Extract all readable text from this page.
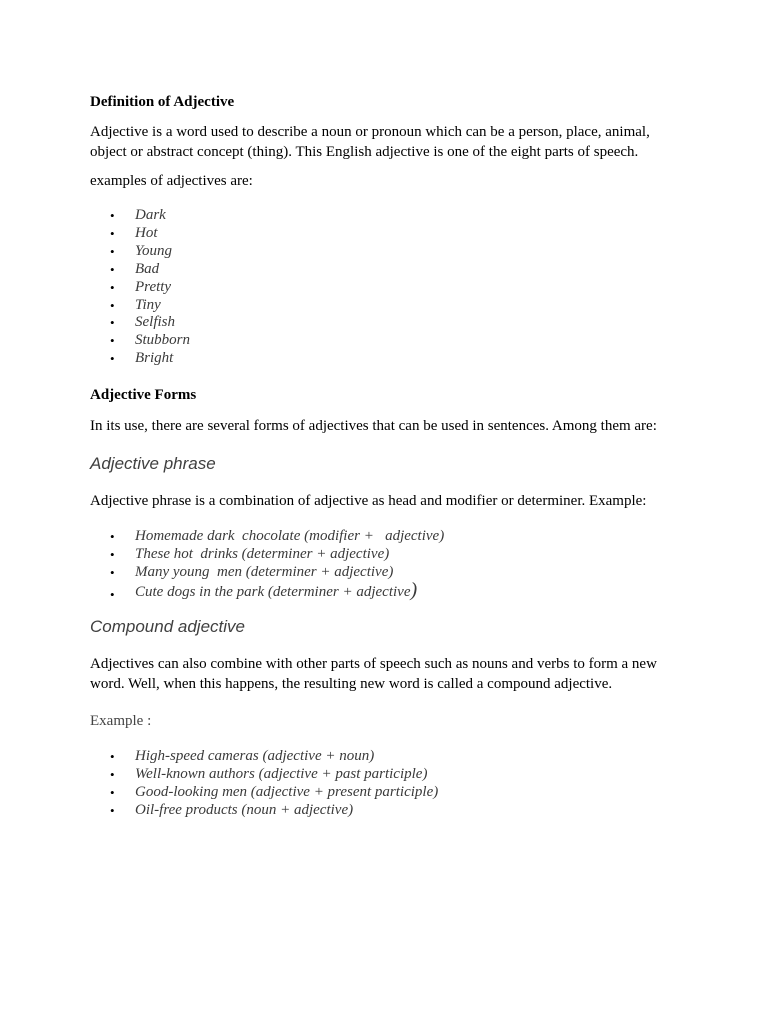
Definition of Adjective

Adjective is a word used to describe a noun or pronoun which can be a person, place, animal, object or abstract concept (thing). This English adjective is one of the eight parts of speech.

examples of adjectives are:

• Dark
• Hot
• Young
• Bad
• Pretty
• Tiny
• Selfish
• Stubborn
• Bright

Adjective Forms

In its use, there are several forms of adjectives that can be used in sentences. Among them are:

Adjective phrase

Adjective phrase is a combination of adjective as head and modifier or determiner. Example:

• Homemade dark  chocolate (modifier +   adjective)
• These hot  drinks (determiner + adjective)
• Many young  men (determiner + adjective)
• Cute dogs in the park (determiner + adjective)

Compound adjective

Adjectives can also combine with other parts of speech such as nouns and verbs to form a new word. Well, when this happens, the resulting new word is called a compound adjective.

Example :

• High-speed cameras (adjective + noun)
• Well-known authors (adjective + past participle)
• Good-looking men (adjective + present participle)
• Oil-free products (noun + adjective)
